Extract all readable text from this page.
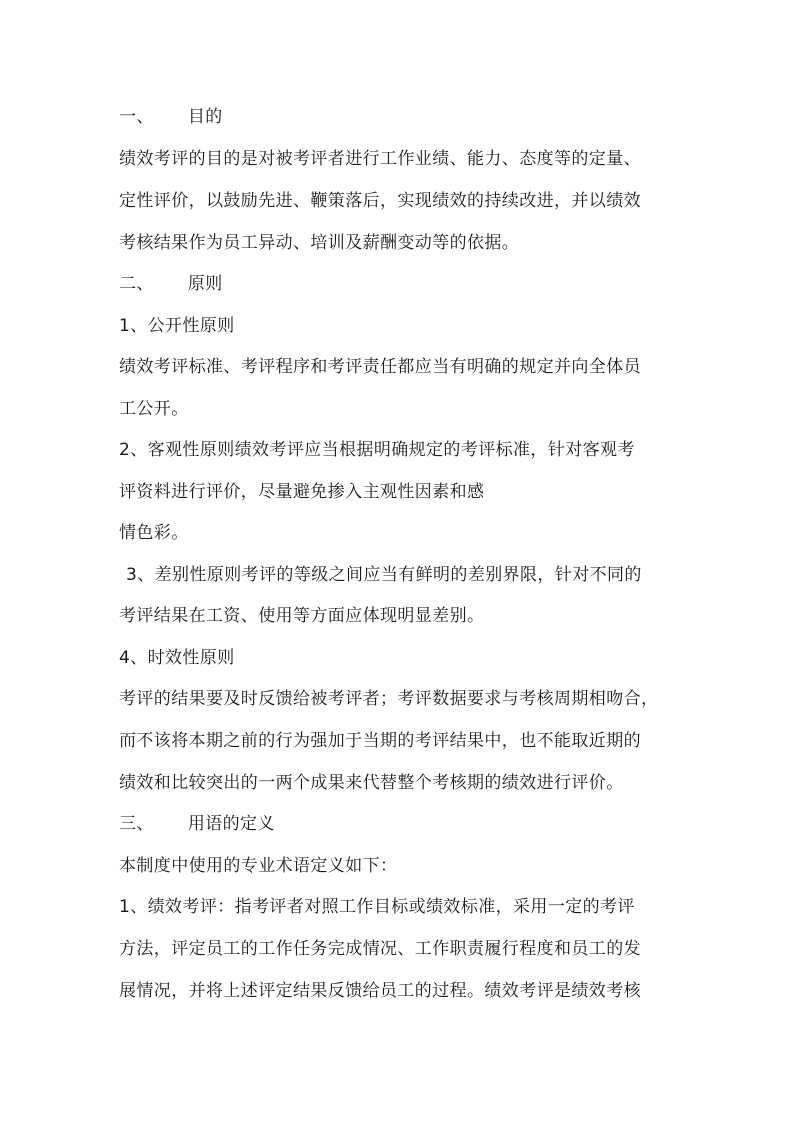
一、 目的

绩效考评的目的是对被考评者进行工作业绩、能力、态度等的定量、

定性评价，以鼓励先进、鞭策落后，实现绩效的持续改进，并以绩效

考核结果作为员工异动、培训及薪酬变动等的依据。

二、 原则

1、公开性原则

绩效考评标准、考评程序和考评责任都应当有明确的规定并向全体员

工公开。

2、客观性原则绩效考评应当根据明确规定的考评标准，针对客观考

评资料进行评价，尽量避免掺入主观性因素和感

情色彩。

3、差别性原则考评的等级之间应当有鲜明的差别界限，针对不同的

考评结果在工资、使用等方面应体现明显差别。

4、时效性原则

考评的结果要及时反馈给被考评者；考评数据要求与考核周期相吻合，

而不该将本期之前的行为强加于当期的考评结果中，也不能取近期的

绩效和比较突出的一两个成果来代替整个考核期的绩效进行评价。

三、 用语的定义

本制度中使用的专业术语定义如下：

1、绩效考评：指考评者对照工作目标或绩效标准，采用一定的考评

方法，评定员工的工作任务完成情况、工作职责履行程度和员工的发

展情况，并将上述评定结果反馈给员工的过程。绩效考评是绩效考核
